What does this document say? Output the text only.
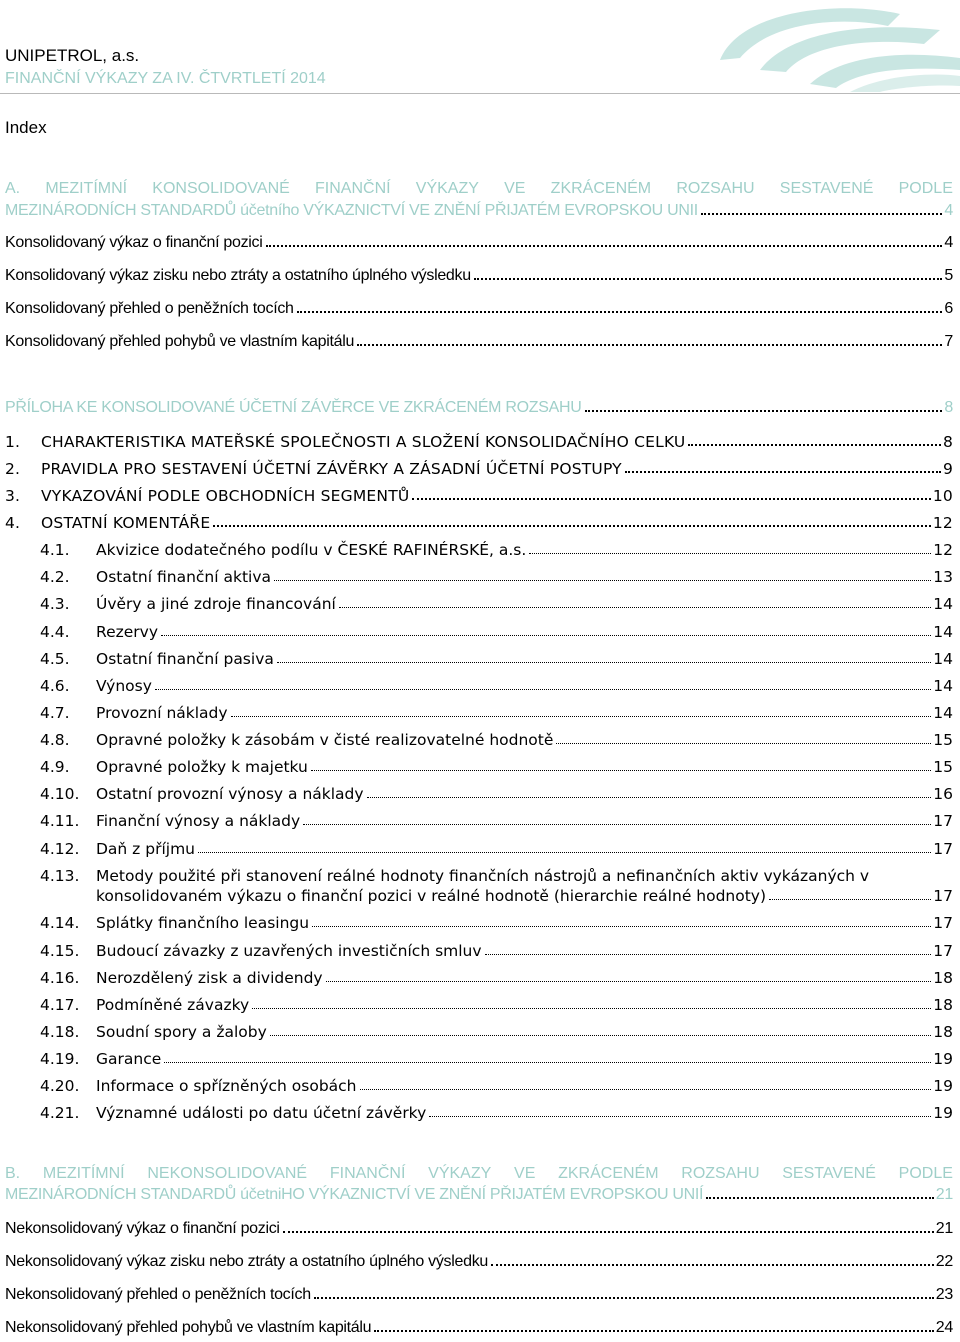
UNIPETROL, a.s.
FINANČNÍ VÝKAZY ZA IV. ČTVRTLETÍ 2014
Index
A. MEZITÍMNÍ KONSOLIDOVANÉ FINANČNÍ VÝKAZY VE ZKRÁCENÉM ROZSAHU SESTAVENÉ PODLE
MEZINÁRODNÍCH STANDARDŮ účetního VÝKAZNICTVÍ VE ZNĚNÍ PŘIJATÉM EVROPSKOU UNII	4
Konsolidovaný výkaz o finanční pozici	4
Konsolidovaný výkaz zisku nebo ztráty a ostatního úplného výsledku	5
Konsolidovaný přehled o peněžních tocích	6
Konsolidovaný přehled pohybů ve vlastním kapitálu	7
PŘÍLOHA KE KONSOLIDOVANÉ ÚČETNÍ ZÁVĚRCE VE ZKRÁCENÉM ROZSAHU	8
1.	CHARAKTERISTIKA MATEŘSKÉ SPOLEČNOSTI A SLOŽENÍ KONSOLIDAČNÍHO CELKU	8
2.	PRAVIDLA PRO SESTAVENÍ ÚČETNÍ ZÁVĚRKY A ZÁSADNÍ ÚČETNÍ POSTUPY	9
3.	VYKAZOVÁNÍ PODLE OBCHODNÍCH SEGMENTŮ	10
4.	OSTATNÍ KOMENTÁŘE	12
4.1.	Akvizice dodatečného podílu v ČESKÉ RAFINÉRSKÉ, a.s.	12
4.2.	Ostatní finanční aktiva	13
4.3.	Úvěry a jiné zdroje financování	14
4.4.	Rezervy	14
4.5.	Ostatní finanční pasiva	14
4.6.	Výnosy	14
4.7.	Provozní náklady	14
4.8.	Opravné položky k zásobám v čisté realizovatelné hodnotě	15
4.9.	Opravné položky k majetku	15
4.10.	Ostatní provozní výnosy a náklady	16
4.11.	Finanční výnosy a náklady	17
4.12.	Daň z příjmu	17
4.13.	Metody použité při stanovení reálné hodnoty finančních nástrojů a nefinančních aktiv vykázaných v
konsolidovaném výkazu o finanční pozici v reálné hodnotě (hierarchie reálné hodnoty)	17
4.14.	Splátky finančního leasingu	17
4.15.	Budoucí závazky z uzavřených investičních smluv	17
4.16.	Nerozdělený zisk a dividendy	18
4.17.	Podmíněné závazky	18
4.18.	Soudní spory a žaloby	18
4.19.	Garance	19
4.20.	Informace o spřízněných osobách	19
4.21.	Významné události po datu účetní závěrky	19
B. MEZITÍMNÍ NEKONSOLIDOVANÉ FINANČNÍ VÝKAZY VE ZKRÁCENÉM ROZSAHU SESTAVENÉ PODLE
MEZINÁRODNÍCH STANDARDŮ účetniHO VÝKAZNICTVÍ VE ZNĚNÍ PŘIJATÉM EVROPSKOU UNIÍ	21
Nekonsolidovaný výkaz o finanční pozici	21
Nekonsolidovaný výkaz zisku nebo ztráty a ostatního úplného výsledku	22
Nekonsolidovaný přehled o peněžních tocích	23
Nekonsolidovaný přehled pohybů ve vlastním kapitálu	24
